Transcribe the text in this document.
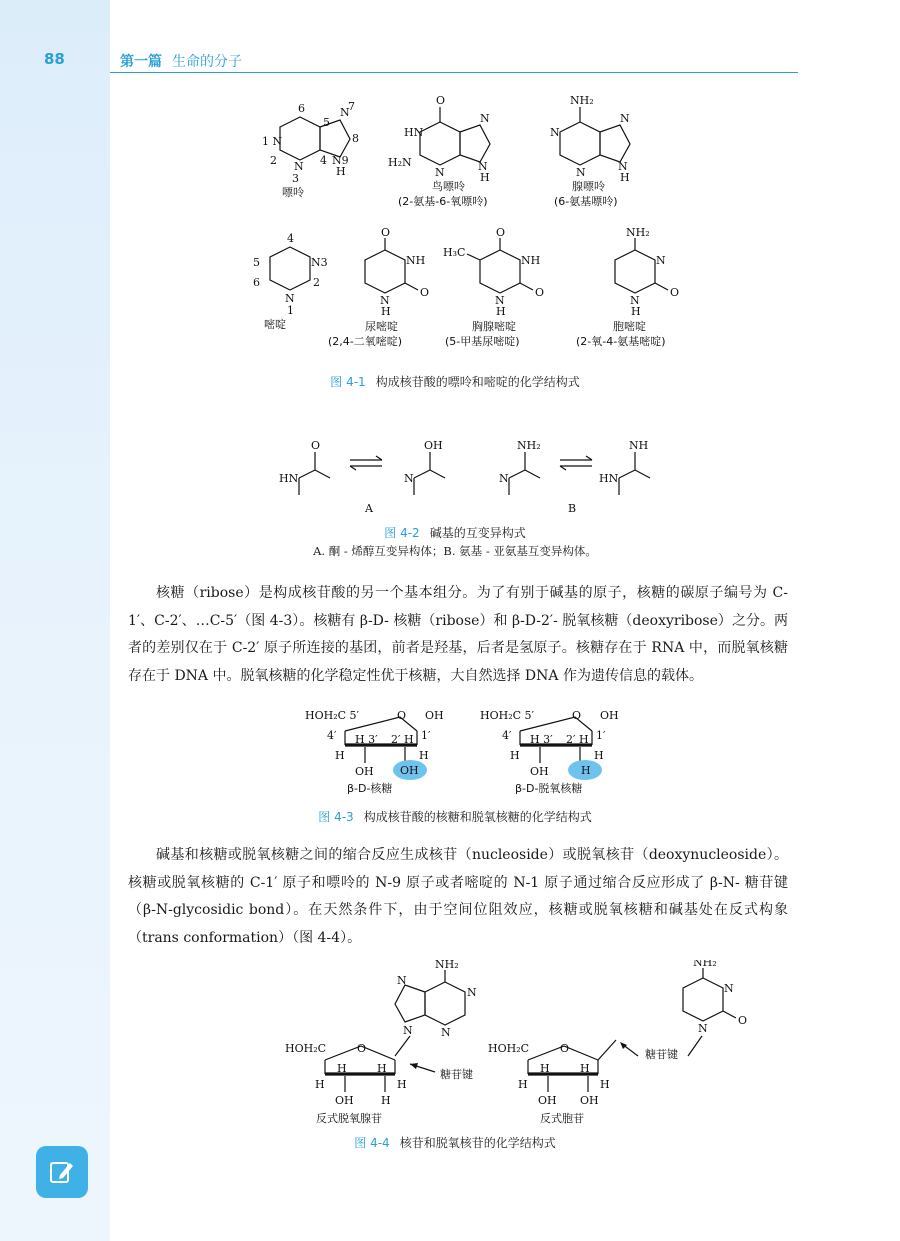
88	第一篇 生命的分子
1 N
6
5
N
7
8
N9
H
4
2 N
3
嘌呤
O
HN
N
N
H
N
H₂N
鸟嘌呤
(2-氨基-6-氧嘌呤)
NH₂
N
N
N
H
N
腺嘌呤
(6-氨基嘌呤)
4
5	N3
6	2
N
1
嘧啶
O
NH
O
N
H
尿嘧啶
(2,4-二氧嘧啶)
O
H₃C
NH
O
N
H
胸腺嘧啶
(5-甲基尿嘧啶)
NH₂
N
O
N
H
胞嘧啶
(2-氧-4-氨基嘧啶)
图 4-1 构成核苷酸的嘌呤和嘧啶的化学结构式
O
HN
OH
N
NH₂
N
NH
HN
A	B
图 4-2 碱基的互变异构式
A. 酮 - 烯醇互变异构体；B. 氨基 - 亚氨基互变异构体。

核糖（ribose）是构成核苷酸的另一个基本组分。为了有别于碱基的原子，核糖的碳原子编号为 C-1′、C-2′、…C-5′（图 4-3）。核糖有 β-D- 核糖（ribose）和 β-D-2′- 脱氧核糖（deoxyribose）之分。两者的差别仅在于 C-2′ 原子所连接的基团，前者是羟基，后者是氢原子。核糖存在于 RNA 中，而脱氧核糖存在于 DNA 中。脱氧核糖的化学稳定性优于核糖，大自然选择 DNA 作为遗传信息的载体。

HOH₂C 5′	O OH
4′	1′
H 3′ 2′ H
H	H
OH OH
β-D-核糖
HOH₂C 5′	O OH
4′	1′
H 3′ 2′ H
H	H
OH	H
β-D-脱氧核糖
图 4-3 构成核苷酸的核糖和脱氧核糖的化学结构式

碱基和核糖或脱氧核糖之间的缩合反应生成核苷（nucleoside）或脱氧核苷（deoxynucleoside）。核糖或脱氧核糖的 C-1′ 原子和嘌呤的 N-9 原子或者嘧啶的 N-1 原子通过缩合反应形成了 β-N- 糖苷键（β-N-glycosidic bond）。在天然条件下，由于空间位阻效应，核糖或脱氧核糖和碱基处在反式构象（trans conformation）（图 4-4）。

NH₂
N
N
N	N
HOH₂C	O
H	H
H	H
OH H
糖苷键
反式脱氧腺苷
NH₂
N
O
N
HOH₂C	O
H	H
H	H
OH OH
糖苷键
反式胞苷
图 4-4 核苷和脱氧核苷的化学结构式
